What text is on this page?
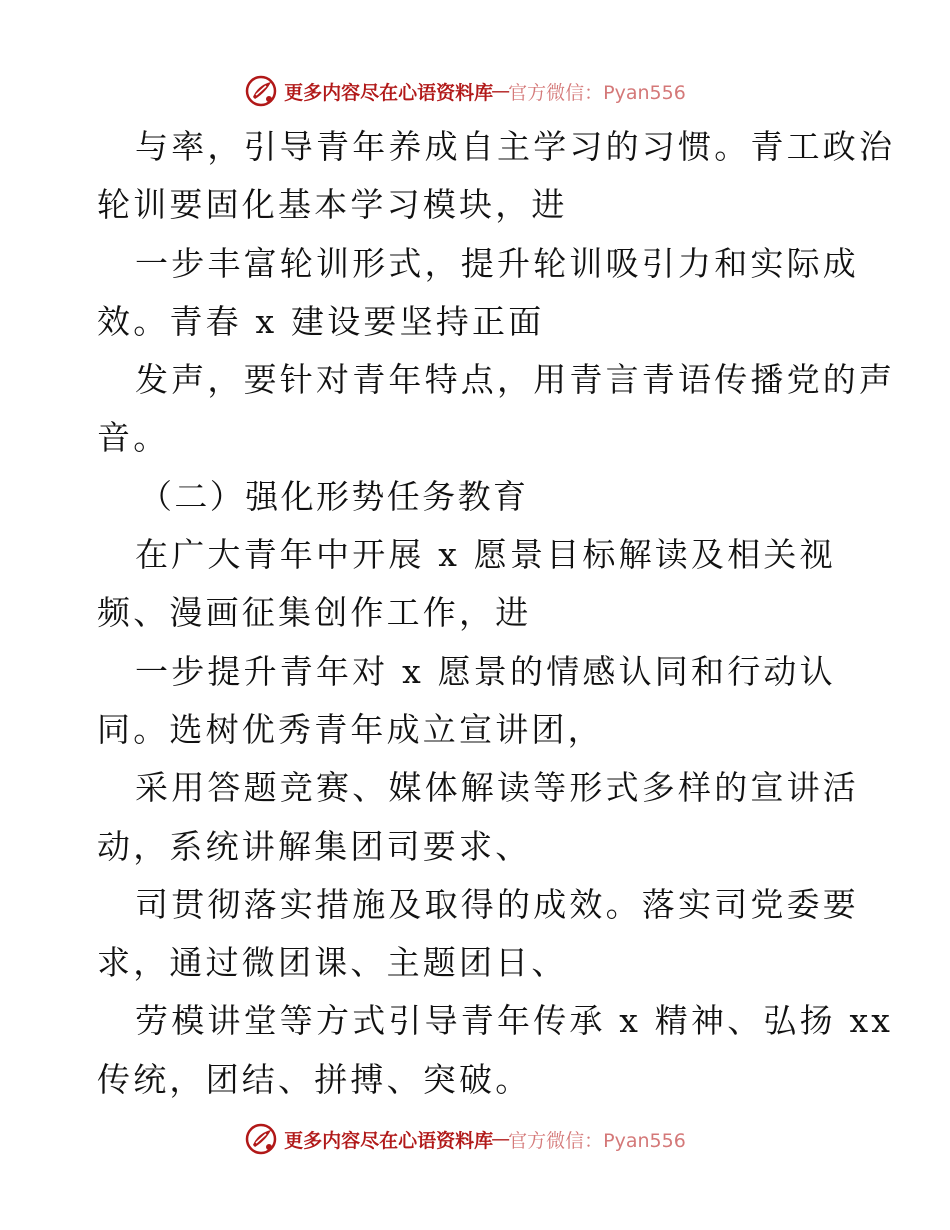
更多内容尽在心语资料库
—
官方微信：Pyan556
与率，引导青年养成自主学习的习惯。青工政治
轮训要固化基本学习模块，进
一步丰富轮训形式，提升轮训吸引力和实际成
效。青春 x 建设要坚持正面
发声，要针对青年特点，用青言青语传播党的声
音。
（二）强化形势任务教育
在广大青年中开展 x 愿景目标解读及相关视
频、漫画征集创作工作，进
一步提升青年对 x 愿景的情感认同和行动认
同。选树优秀青年成立宣讲团，
采用答题竞赛、媒体解读等形式多样的宣讲活
动，系统讲解集团司要求、
司贯彻落实措施及取得的成效。落实司党委要
求，通过微团课、主题团日、
劳模讲堂等方式引导青年传承 x 精神、弘扬 xx
传统，团结、拼搏、突破。
更多内容尽在心语资料库
—
官方微信：Pyan556
